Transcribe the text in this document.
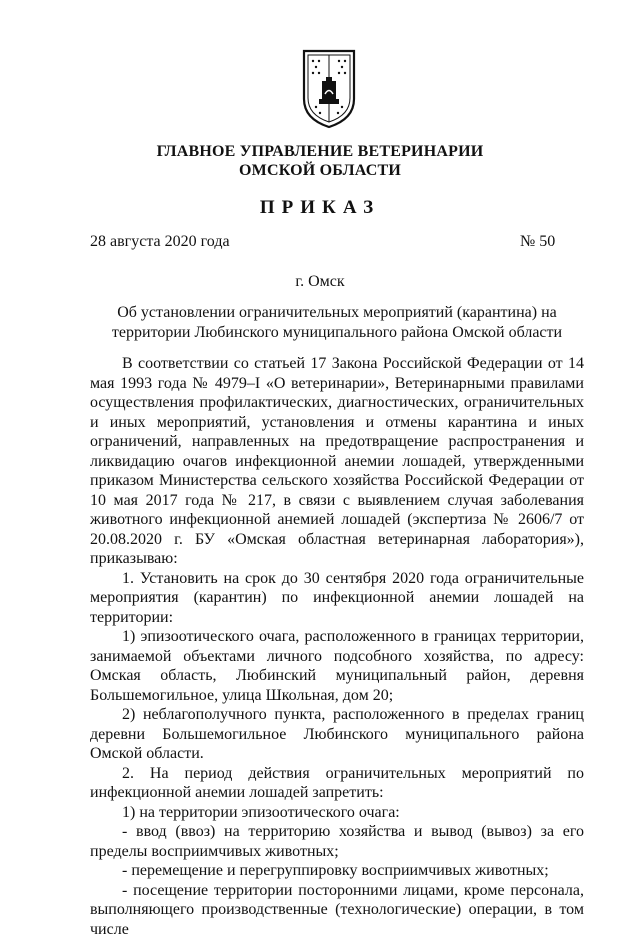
ГЛАВНОЕ УПРАВЛЕНИЕ ВЕТЕРИНАРИИ
ОМСКОЙ ОБЛАСТИ
ПРИКАЗ
28 августа 2020 года	№ 50
г. Омск
Об установлении ограничительных мероприятий (карантина) на территории Любинского муниципального района Омской области

В соответствии со статьей 17 Закона Российской Федерации от 14 мая 1993 года № 4979–I «О ветеринарии», Ветеринарными правилами осуществления профилактических, диагностических, ограничительных и иных мероприятий, установления и отмены карантина и иных ограничений, направленных на предотвращение распространения и ликвидацию очагов инфекционной анемии лошадей, утвержденными приказом Министерства сельского хозяйства Российской Федерации от 10 мая 2017 года № 217, в связи с выявлением случая заболевания животного инфекционной анемией лошадей (экспертиза № 2606/7 от 20.08.2020 г. БУ «Омская областная ветеринарная лаборатория»), приказываю:

1. Установить на срок до 30 сентября 2020 года ограничительные мероприятия (карантин) по инфекционной анемии лошадей на территории:

1) эпизоотического очага, расположенного в границах территории, занимаемой объектами личного подсобного хозяйства, по адресу: Омская область, Любинский муниципальный район, деревня Большемогильное, улица Школьная, дом 20;

2) неблагополучного пункта, расположенного в пределах границ деревни Большемогильное Любинского муниципального района Омской области.

2. На период действия ограничительных мероприятий по инфекционной анемии лошадей запретить:

1) на территории эпизоотического очага:

- ввод (ввоз) на территорию хозяйства и вывод (вывоз) за его пределы восприимчивых животных;

- перемещение и перегруппировку восприимчивых животных;

- посещение территории посторонними лицами, кроме персонала, выполняющего производственные (технологические) операции, в том числе
